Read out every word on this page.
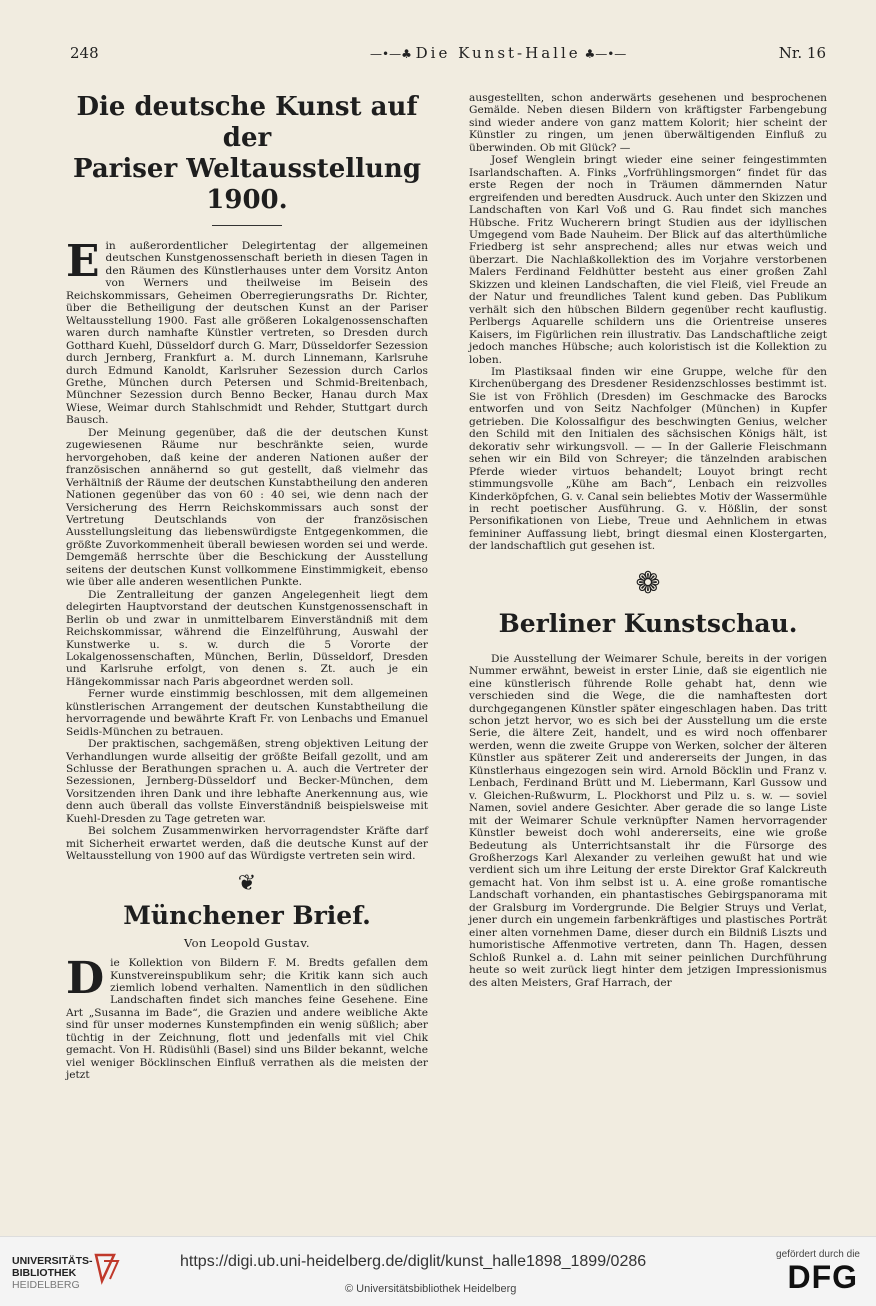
248	—•—♣ Die Kunst-Halle ♣—•—	Nr. 16
Die deutsche Kunst auf der
Pariser Weltausstellung 1900.

Ein außerordentlicher Delegirtentag der allgemeinen deutschen Kunstgenossenschaft berieth in diesen Tagen in den Räumen des Künstlerhauses unter dem Vorsitz Anton von Werners und theilweise im Beisein des Reichskommissars, Geheimen Oberregierungsraths Dr. Richter, über die Betheiligung der deutschen Kunst an der Pariser Weltausstellung 1900. Fast alle größeren Lokalgenossenschaften waren durch namhafte Künstler vertreten, so Dresden durch Gotthard Kuehl, Düsseldorf durch G. Marr, Düsseldorfer Sezession durch Jernberg, Frankfurt a. M. durch Linnemann, Karlsruhe durch Edmund Kanoldt, Karlsruher Sezession durch Carlos Grethe, München durch Petersen und Schmid-Breitenbach, Münchner Sezession durch Benno Becker, Hanau durch Max Wiese, Weimar durch Stahlschmidt und Rehder, Stuttgart durch Bausch.

Der Meinung gegenüber, daß die der deutschen Kunst zugewiesenen Räume nur beschränkte seien, wurde hervorgehoben, daß keine der anderen Nationen außer der französischen annähernd so gut gestellt, daß vielmehr das Verhältniß der Räume der deutschen Kunstabtheilung den anderen Nationen gegenüber das von 60 : 40 sei, wie denn nach der Versicherung des Herrn Reichskommissars auch sonst der Vertretung Deutschlands von der französischen Ausstellungsleitung das liebenswürdigste Entgegenkommen, die größte Zuvorkommenheit überall bewiesen worden sei und werde. Demgemäß herrschte über die Beschickung der Ausstellung seitens der deutschen Kunst vollkommene Einstimmigkeit, ebenso wie über alle anderen wesentlichen Punkte.

Die Zentralleitung der ganzen Angelegenheit liegt dem delegirten Hauptvorstand der deutschen Kunstgenossenschaft in Berlin ob und zwar in unmittelbarem Einverständniß mit dem Reichskommissar, während die Einzelführung, Auswahl der Kunstwerke u. s. w. durch die 5 Vororte der Lokalgenossenschaften, München, Berlin, Düsseldorf, Dresden und Karlsruhe erfolgt, von denen s. Zt. auch je ein Hängekommissar nach Paris abgeordnet werden soll.

Ferner wurde einstimmig beschlossen, mit dem allgemeinen künstlerischen Arrangement der deutschen Kunstabtheilung die hervorragende und bewährte Kraft Fr. von Lenbachs und Emanuel Seidls-München zu betrauen.

Der praktischen, sachgemäßen, streng objektiven Leitung der Verhandlungen wurde allseitig der größte Beifall gezollt, und am Schlusse der Berathungen sprachen u. A. auch die Vertreter der Sezessionen, Jernberg-Düsseldorf und Becker-München, dem Vorsitzenden ihren Dank und ihre lebhafte Anerkennung aus, wie denn auch überall das vollste Einverständniß beispielsweise mit Kuehl-Dresden zu Tage getreten war.

Bei solchem Zusammenwirken hervorragendster Kräfte darf mit Sicherheit erwartet werden, daß die deutsche Kunst auf der Weltausstellung von 1900 auf das Würdigste vertreten sein wird.

❦
Münchener Brief.
Von Leopold Gustav.

Die Kollektion von Bildern F. M. Bredts gefallen dem Kunstvereinspublikum sehr; die Kritik kann sich auch ziemlich lobend verhalten. Namentlich in den südlichen Landschaften findet sich manches feine Gesehene. Eine Art „Susanna im Bade“, die Grazien und andere weibliche Akte sind für unser modernes Kunstempfinden ein wenig süßlich; aber tüchtig in der Zeichnung, flott und jedenfalls mit viel Chik gemacht. Von H. Rüdisühli (Basel) sind uns Bilder bekannt, welche viel weniger Böcklinschen Einfluß verrathen als die meisten der jetzt

ausgestellten, schon anderwärts gesehenen und besprochenen Gemälde. Neben diesen Bildern von kräftigster Farbengebung sind wieder andere von ganz mattem Kolorit; hier scheint der Künstler zu ringen, um jenen überwältigenden Einfluß zu überwinden. Ob mit Glück? —

Josef Wenglein bringt wieder eine seiner feingestimmten Isarlandschaften. A. Finks „Vorfrühlingsmorgen“ findet für das erste Regen der noch in Träumen dämmernden Natur ergreifenden und beredten Ausdruck. Auch unter den Skizzen und Landschaften von Karl Voß und G. Rau findet sich manches Hübsche. Fritz Wucherern bringt Studien aus der idyllischen Umgegend vom Bade Nauheim. Der Blick auf das alterthümliche Friedberg ist sehr ansprechend; alles nur etwas weich und überzart. Die Nachlaßkollektion des im Vorjahre verstorbenen Malers Ferdinand Feldhütter besteht aus einer großen Zahl Skizzen und kleinen Landschaften, die viel Fleiß, viel Freude an der Natur und freundliches Talent kund geben. Das Publikum verhält sich den hübschen Bildern gegenüber recht kauflustig. Perlbergs Aquarelle schildern uns die Orientreise unseres Kaisers, im Figürlichen rein illustrativ. Das Landschaftliche zeigt jedoch manches Hübsche; auch koloristisch ist die Kollektion zu loben.

Im Plastiksaal finden wir eine Gruppe, welche für den Kirchenübergang des Dresdener Residenzschlosses bestimmt ist. Sie ist von Fröhlich (Dresden) im Geschmacke des Barocks entworfen und von Seitz Nachfolger (München) in Kupfer getrieben. Die Kolossalfigur des beschwingten Genius, welcher den Schild mit den Initialen des sächsischen Königs hält, ist dekorativ sehr wirkungsvoll. — — In der Gallerie Fleischmann sehen wir ein Bild von Schreyer; die tänzelnden arabischen Pferde wieder virtuos behandelt; Louyot bringt recht stimmungsvolle „Kühe am Bach“, Lenbach ein reizvolles Kinderköpfchen, G. v. Canal sein beliebtes Motiv der Wassermühle in recht poetischer Ausführung. G. v. Hößlin, der sonst Personifikationen von Liebe, Treue und Aehnlichem in etwas femininer Auffassung liebt, bringt diesmal einen Klostergarten, der landschaftlich gut gesehen ist.

❁
Berliner Kunstschau.

Die Ausstellung der Weimarer Schule, bereits in der vorigen Nummer erwähnt, beweist in erster Linie, daß sie eigentlich nie eine künstlerisch führende Rolle gehabt hat, denn wie verschieden sind die Wege, die die namhaftesten dort durchgegangenen Künstler später eingeschlagen haben. Das tritt schon jetzt hervor, wo es sich bei der Ausstellung um die erste Serie, die ältere Zeit, handelt, und es wird noch offenbarer werden, wenn die zweite Gruppe von Werken, solcher der älteren Künstler aus späterer Zeit und andererseits der Jungen, in das Künstlerhaus eingezogen sein wird. Arnold Böcklin und Franz v. Lenbach, Ferdinand Brütt und M. Liebermann, Karl Gussow und v. Gleichen-Rußwurm, L. Plockhorst und Pilz u. s. w. — soviel Namen, soviel andere Gesichter. Aber gerade die so lange Liste mit der Weimarer Schule verknüpfter Namen hervorragender Künstler beweist doch wohl andererseits, eine wie große Bedeutung als Unterrichtsanstalt ihr die Fürsorge des Großherzogs Karl Alexander zu verleihen gewußt hat und wie verdient sich um ihre Leitung der erste Direktor Graf Kalckreuth gemacht hat. Von ihm selbst ist u. A. eine große romantische Landschaft vorhanden, ein phantastisches Gebirgspanorama mit der Gralsburg im Vordergrunde. Die Belgier Struys und Verlat, jener durch ein ungemein farbenkräftiges und plastisches Porträt einer alten vornehmen Dame, dieser durch ein Bildniß Liszts und humoristische Affenmotive vertreten, dann Th. Hagen, dessen Schloß Runkel a. d. Lahn mit seiner peinlichen Durchführung heute so weit zurück liegt hinter dem jetzigen Impressionismus des alten Meisters, Graf Harrach, der

UNIVERSITÄTS-
BIBLIOTHEK
HEIDELBERG
https://digi.ub.uni-heidelberg.de/diglit/kunst_halle1898_1899/0286
© Universitätsbibliothek Heidelberg
gefördert durch die
DFG
